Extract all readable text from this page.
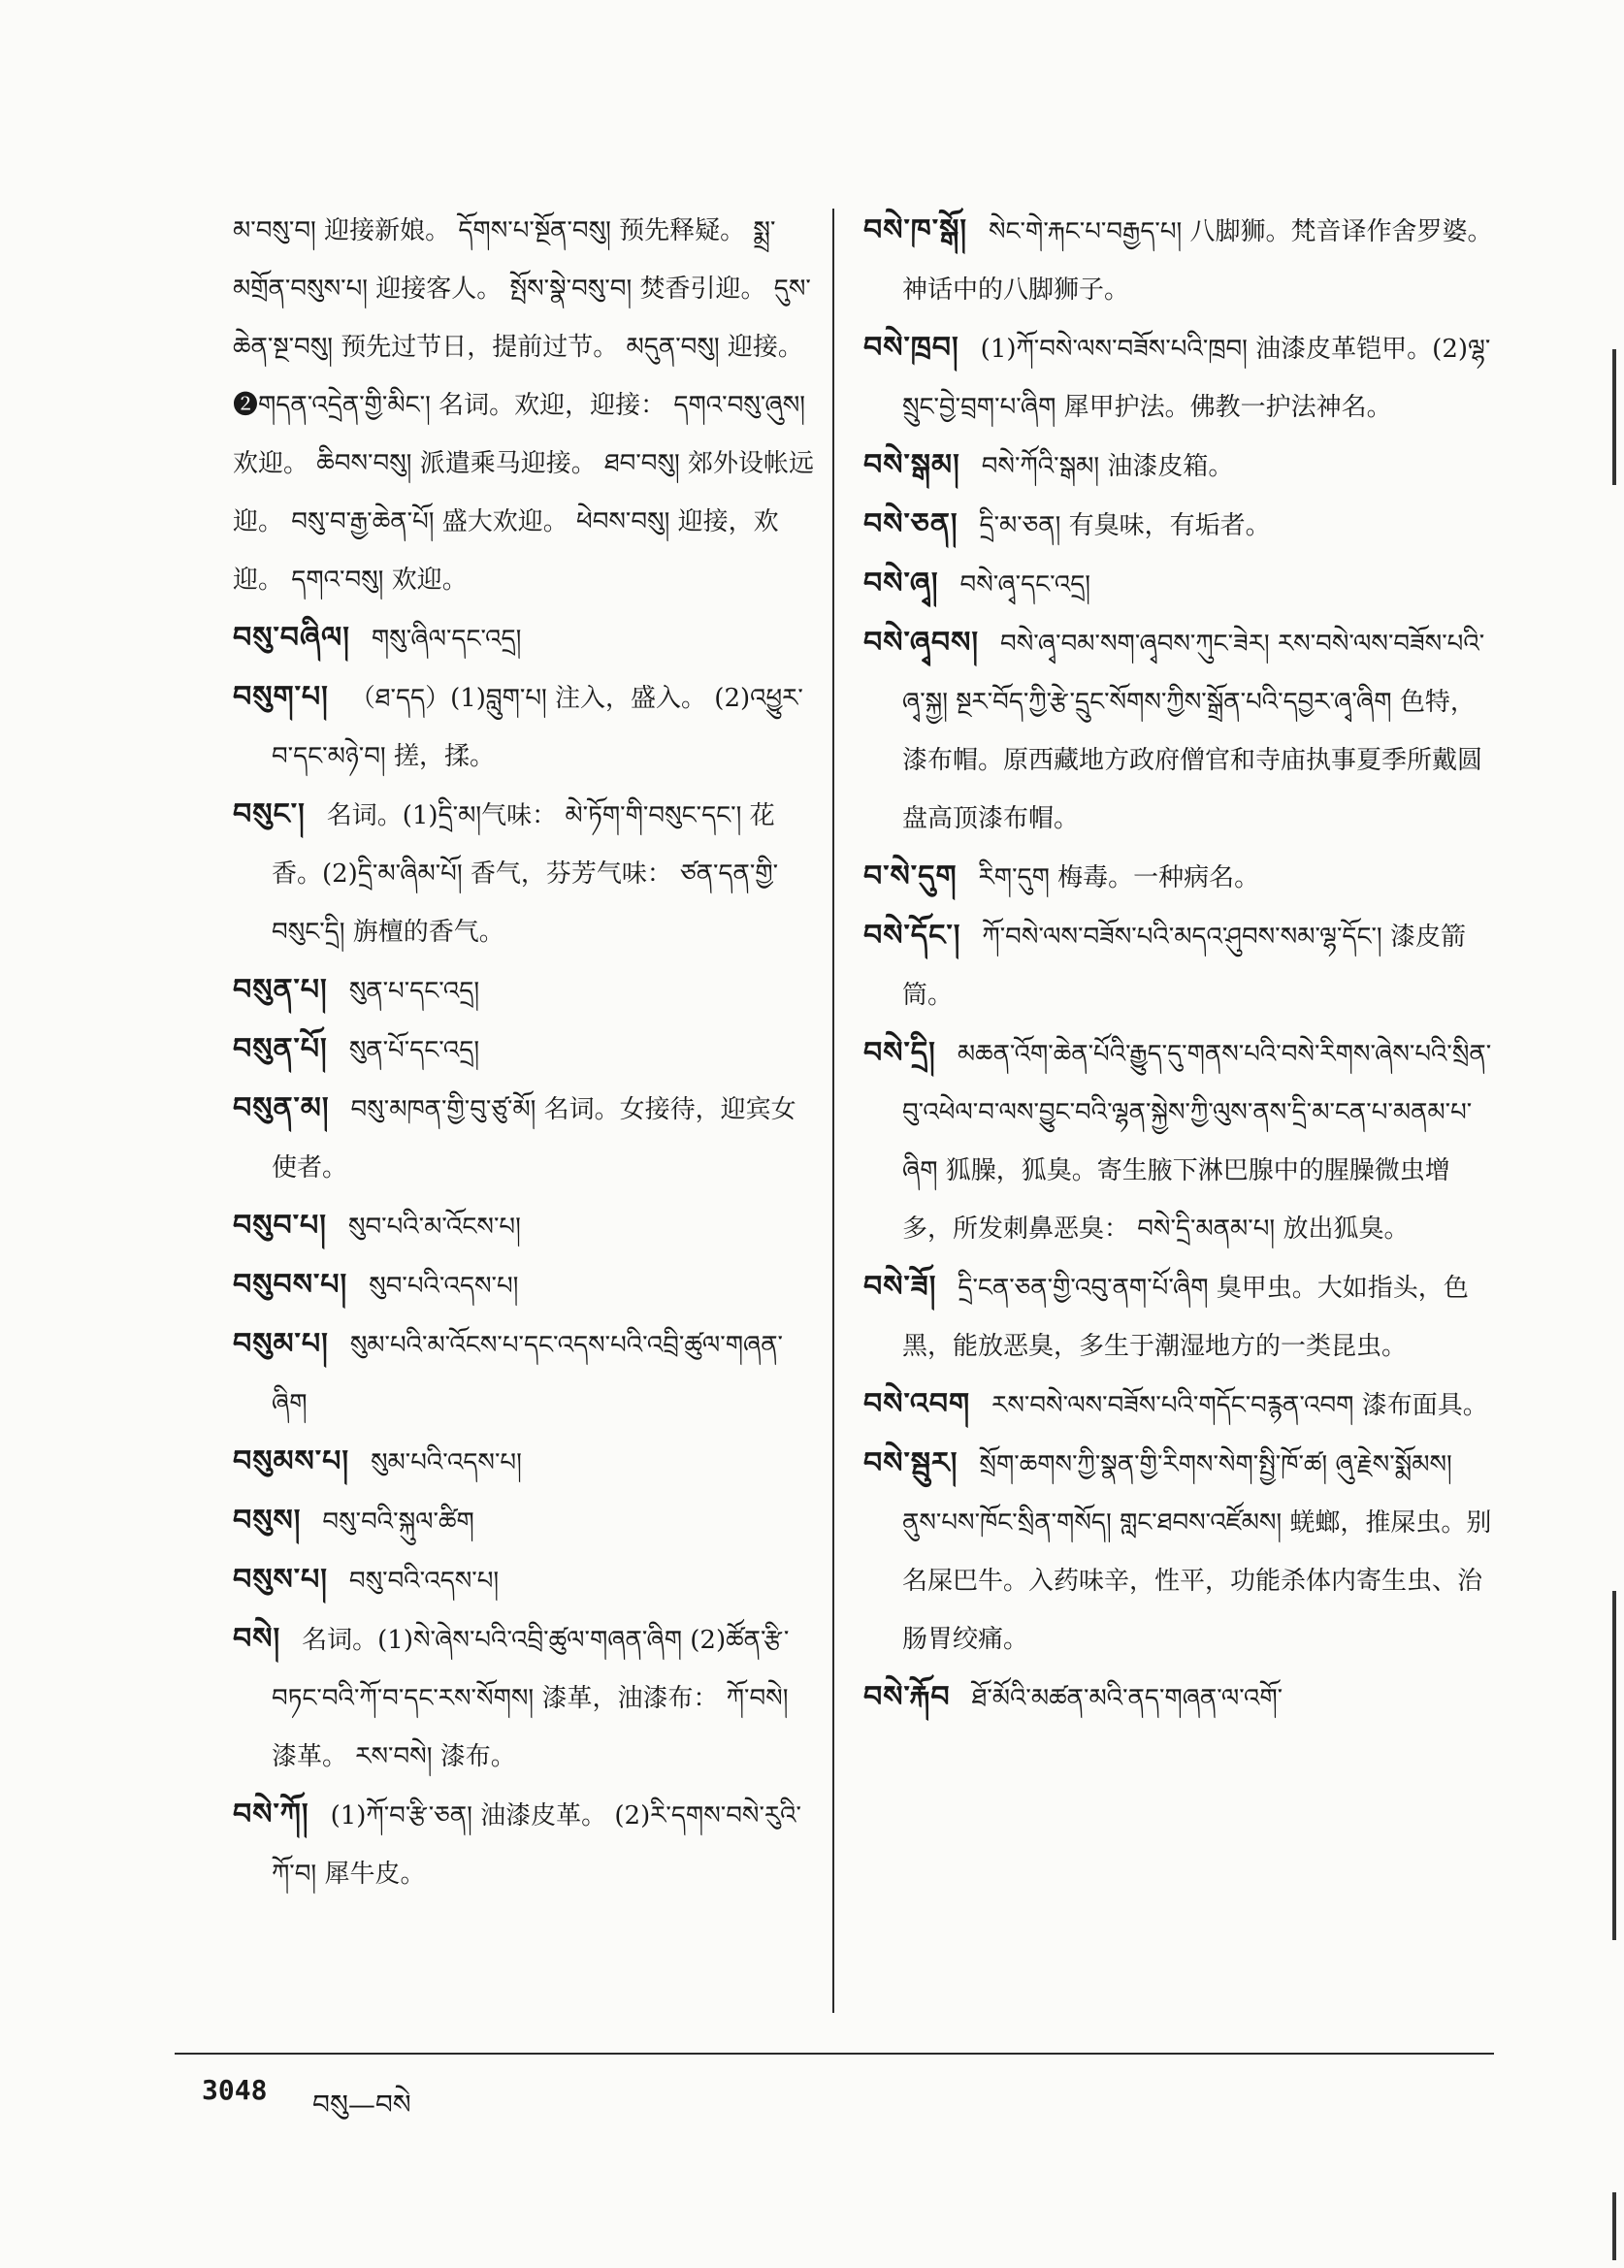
མ་བསུ་བ། 迎接新娘。 དོགས་པ་སྔོན་བསུ། 预先释疑。 སྨྲ་མགྲོན་བསུས་པ། 迎接客人。 སྤོས་སྣེ་བསུ་བ། 焚香引迎。 དུས་ཆེན་སྔ་བསུ། 预先过节日，提前过节。 མདུན་བསུ། 迎接。 ❷གདན་འདྲེན་གྱི་མིང་། 名词。欢迎，迎接： དགའ་བསུ་ཞུས། 欢迎。 ཆིབས་བསུ། 派遣乘马迎接。 ཐབ་བསུ། 郊外设帐远迎。 བསུ་བ་རྒྱ་ཆེན་པོ། 盛大欢迎。 ཕེབས་བསུ། 迎接，欢迎。 དགའ་བསུ། 欢迎。
བསུ་བཞིལ། གསུ་ཞིལ་དང་འདྲ།
བསུག་པ། （ཐ་དད）(1)བླུག་པ། 注入，盛入。 (2)འཕྱུར་བ་དང་མཉེ་བ། 搓，揉。
བསུང་། 名词。(1)དྲི་མ།气味： མེ་ཏོག་གི་བསུང་དང་། 花香。(2)དྲི་མ་ཞིམ་པོ། 香气，芬芳气味： ཙན་དན་གྱི་བསུང་དྲི། 旃檀的香气。
བསུན་པ། སུན་པ་དང་འདྲ།
བསུན་པོ། སུན་པོ་དང་འདྲ།
བསུན་མ། བསུ་མཁན་གྱི་བུ་ཙུ་མོ། 名词。女接待，迎宾女使者。
བསུབ་པ། སུབ་པའི་མ་འོངས་པ།
བསུབས་པ། སུབ་པའི་འདས་པ།
བསུམ་པ། སུམ་པའི་མ་འོངས་པ་དང་འདས་པའི་འབྲི་ཚུལ་གཞན་ཞིག
བསུམས་པ། སུམ་པའི་འདས་པ།
བསུས། བསུ་བའི་སྐུལ་ཚིག
བསུས་པ། བསུ་བའི་འདས་པ།
བསེ། 名词。(1)སེ་ཞེས་པའི་འབྲི་ཚུལ་གཞན་ཞིག (2)ཚོན་རྩི་བཏང་བའི་ཀོ་བ་དང་རས་སོགས། 漆革，油漆布： ཀོ་བསེ། 漆革。 རས་བསེ། 漆布。
བསེ་ཀོ། (1)ཀོ་བ་རྩི་ཅན། 油漆皮革。 (2)རི་དགས་བསེ་རུའི་ཀོ་བ། 犀牛皮。
བསེ་ཁ་སྒོ། སེང་གེ་རྐང་པ་བརྒྱད་པ། 八脚狮。梵音译作舍罗婆。神话中的八脚狮子。
བསེ་ཁྲབ། (1)ཀོ་བསེ་ལས་བཟོས་པའི་ཁྲབ། 油漆皮革铠甲。(2)ལྷ་སྲུང་བྱེ་བྲག་པ་ཞིག 犀甲护法。佛教一护法神名。
བསེ་སྒམ། བསེ་ཀོའི་སྒམ། 油漆皮箱。
བསེ་ཅན། དྲི་མ་ཅན། 有臭味，有垢者。
བསེ་ཞྭ། བསེ་ཞྭ་དང་འདྲ།
བསེ་ཞྭབས། བསེ་ཞྭ་བམ་སག་ཞྭབས་ཀུང་ཟེར། རས་བསེ་ལས་བཟོས་པའི་ཞྭ་སྐྱ། སྔར་བོད་ཀྱི་རྩེ་དྲུང་སོགས་ཀྱིས་སྒྲོན་པའི་དབྱར་ཞྭ་ཞིག 色特，漆布帽。原西藏地方政府僧官和寺庙执事夏季所戴圆盘高顶漆布帽。
བ་སེ་དུག རིག་དུག 梅毒。一种病名。
བསེ་དོང་། ཀོ་བསེ་ལས་བཟོས་པའི་མདའ་ཤུབས་སམ་ལྷ་དོང་། 漆皮箭筒。
བསེ་དྲི། མཆན་འོག་ཆེན་པོའི་རྒྱུད་དུ་གནས་པའི་བསེ་རིགས་ཞེས་པའི་སྲིན་བུ་འཕེལ་བ་ལས་བྱུང་བའི་ལྷན་སྐྱེས་ཀྱི་ལུས་ནས་དྲི་མ་ངན་པ་མནམ་པ་ཞིག 狐臊，狐臭。寄生腋下淋巴腺中的腥臊微虫增多，所发刺鼻恶臭： བསེ་དྲི་མནམ་པ། 放出狐臭。
བསེ་ཟོ། དྲི་ངན་ཅན་གྱི་འབུ་ནག་པོ་ཞིག 臭甲虫。大如指头，色黑，能放恶臭，多生于潮湿地方的一类昆虫。
བསེ་འབག རས་བསེ་ལས་བཟོས་པའི་གདོང་བརྙན་འབག 漆布面具。
བསེ་སྦུར། སྲོག་ཆགས་ཀྱི་སྣན་གྱི་རིགས་སེག་སྤྱི་ཁོ་ཚ། ཞུ་རྗེས་སྨོམས། ནུས་པས་ཁོང་སྲིན་གསོད། གླང་ཐབས་འཛོམས། 蜣螂，推屎虫。别名屎巴牛。入药味辛，性平，功能杀体内寄生虫、治肠胃绞痛。
བསེ་རྐོབ ཐོ་མོའི་མཚན་མའི་ནད་གཞན་ལ་འགོ་
3048 བསུ—བསེ
